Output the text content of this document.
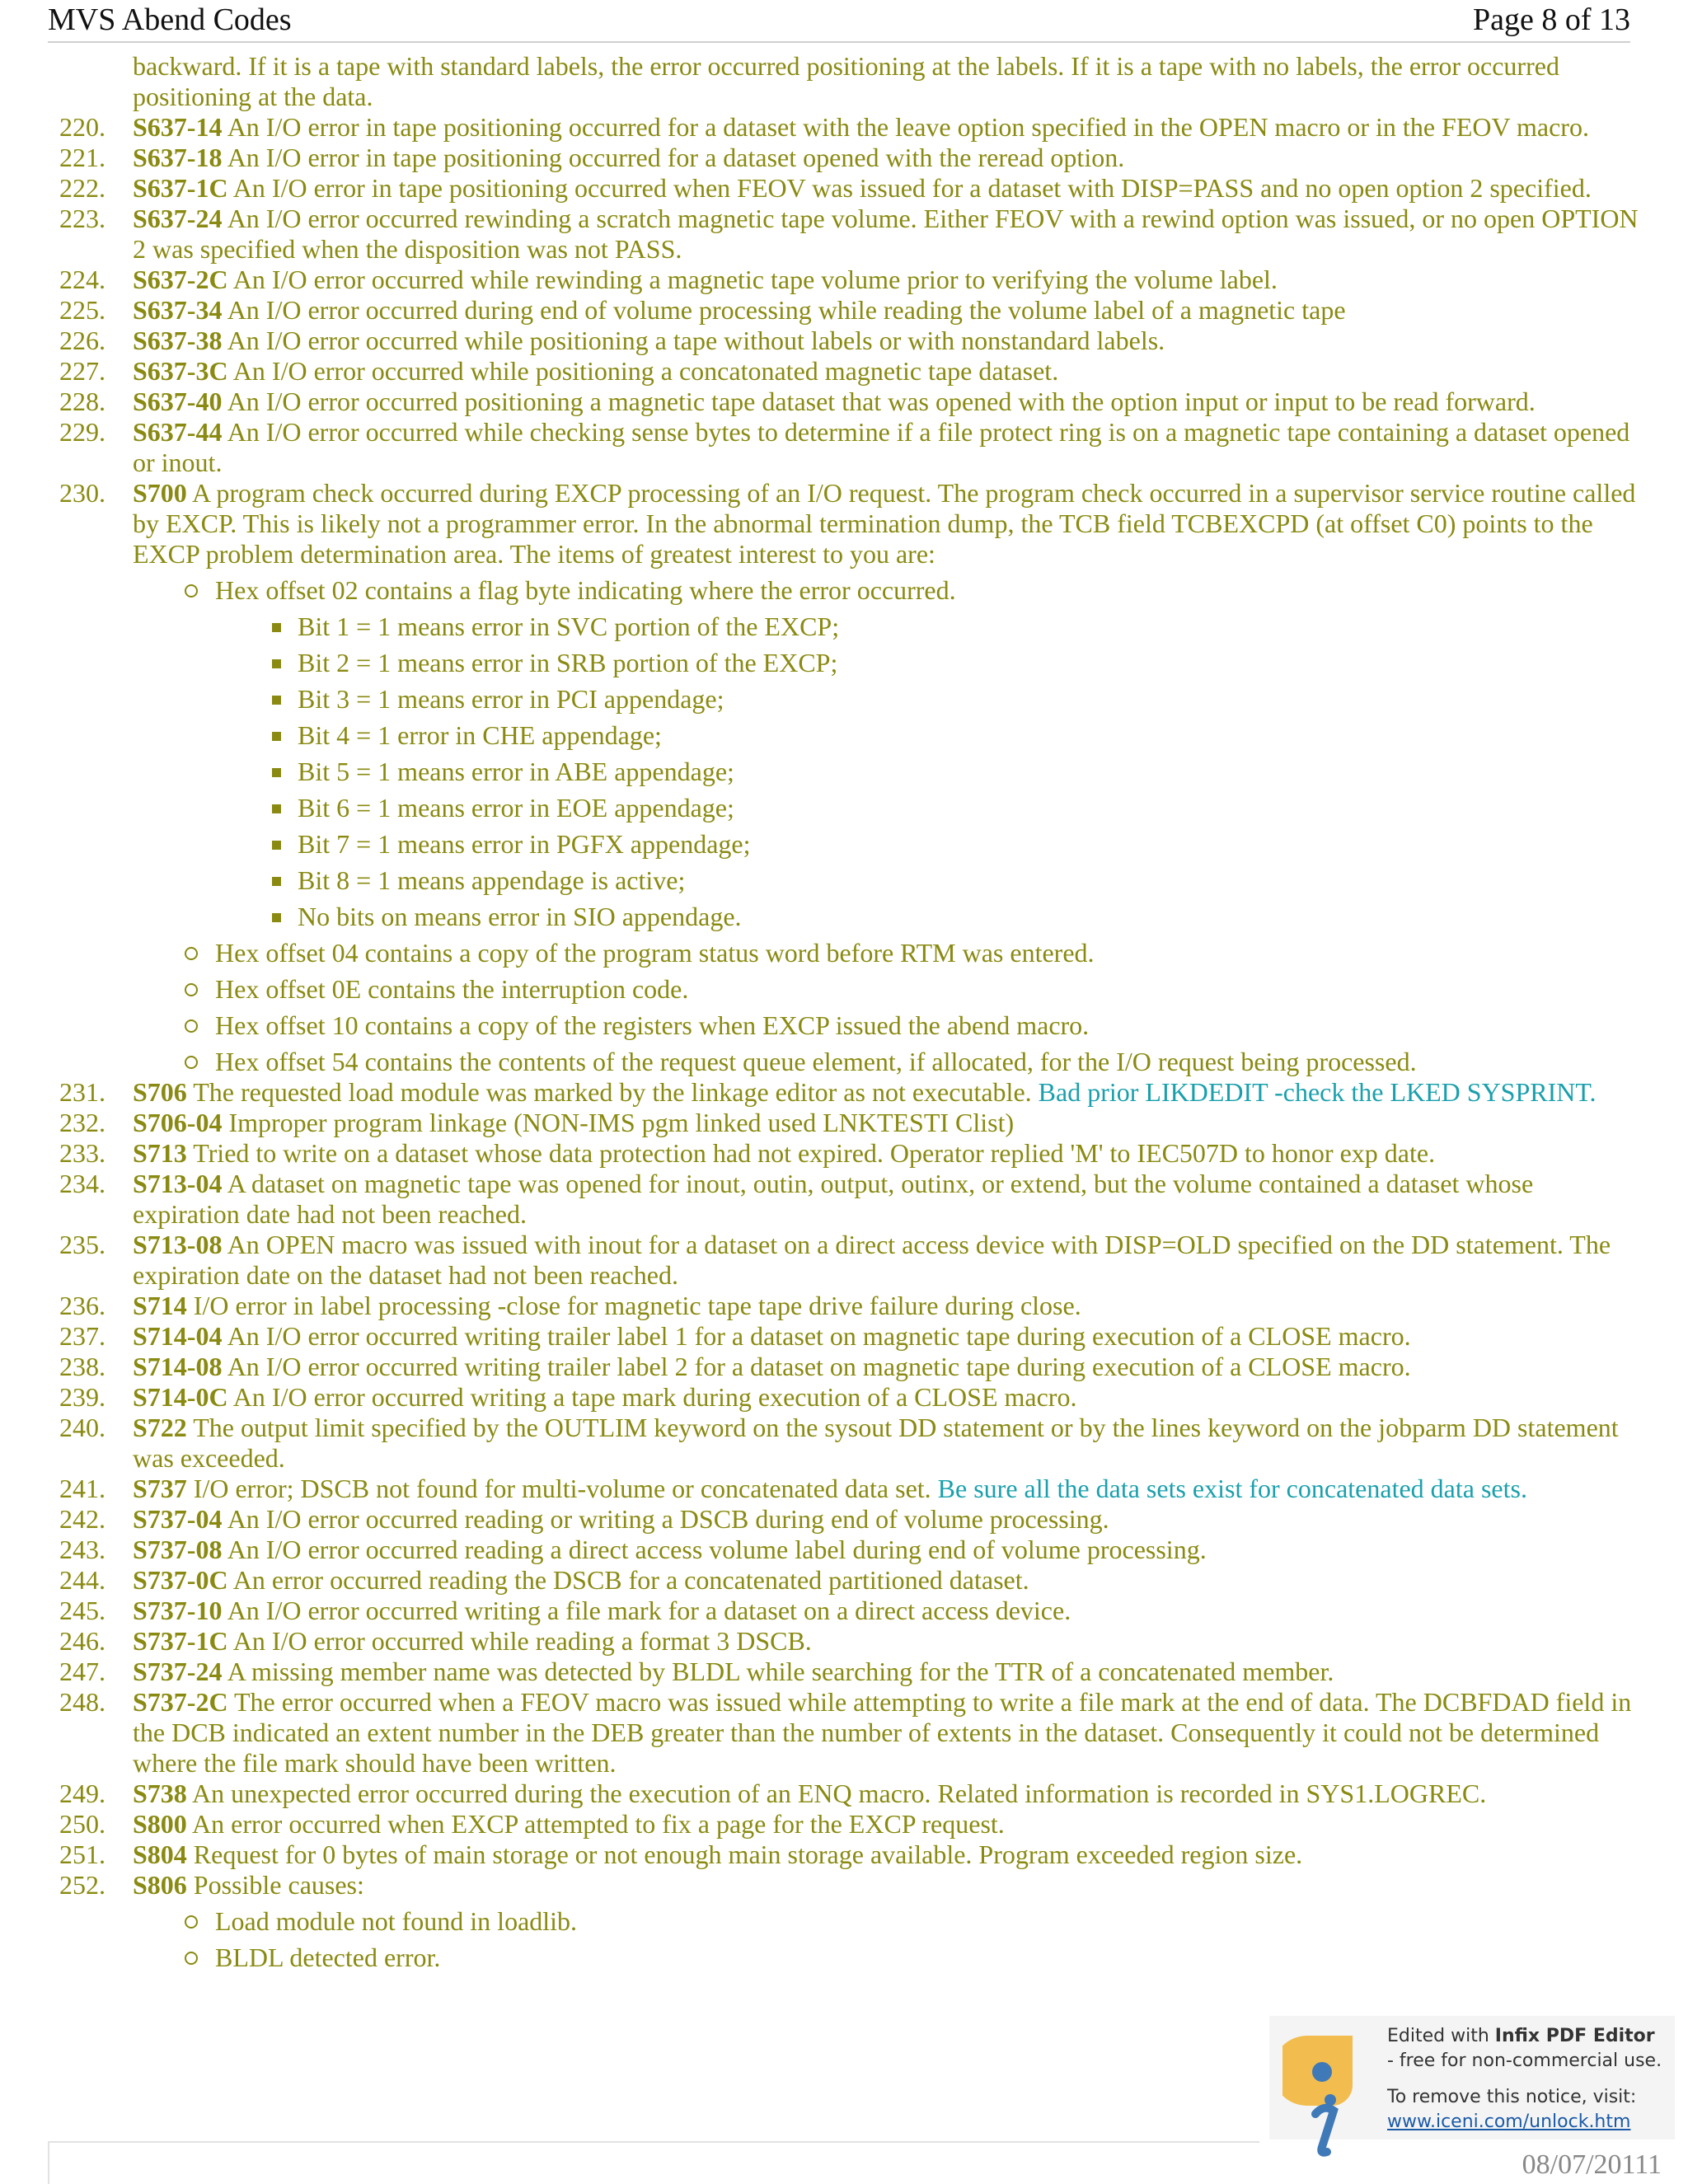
MVS Abend Codes	Page 8 of 13
backward. If it is a tape with standard labels, the error occurred positioning at the labels. If it is a tape with no labels, the error occurred positioning at the data.
220. S637-14 An I/O error in tape positioning occurred for a dataset with the leave option specified in the OPEN macro or in the FEOV macro.
221. S637-18 An I/O error in tape positioning occurred for a dataset opened with the reread option.
222. S637-1C An I/O error in tape positioning occurred when FEOV was issued for a dataset with DISP=PASS and no open option 2 specified.
223. S637-24 An I/O error occurred rewinding a scratch magnetic tape volume. Either FEOV with a rewind option was issued, or no open OPTION 2 was specified when the disposition was not PASS.
224. S637-2C An I/O error occurred while rewinding a magnetic tape volume prior to verifying the volume label.
225. S637-34 An I/O error occurred during end of volume processing while reading the volume label of a magnetic tape
226. S637-38 An I/O error occurred while positioning a tape without labels or with nonstandard labels.
227. S637-3C An I/O error occurred while positioning a concatonated magnetic tape dataset.
228. S637-40 An I/O error occurred positioning a magnetic tape dataset that was opened with the option input or input to be read forward.
229. S637-44 An I/O error occurred while checking sense bytes to determine if a file protect ring is on a magnetic tape containing a dataset opened or inout.
230. S700 A program check occurred during EXCP processing of an I/O request. The program check occurred in a supervisor service routine called by EXCP. This is likely not a programmer error. In the abnormal termination dump, the TCB field TCBEXCPD (at offset C0) points to the EXCP problem determination area. The items of greatest interest to you are:
Hex offset 02 contains a flag byte indicating where the error occurred.
Bit 1 = 1 means error in SVC portion of the EXCP;
Bit 2 = 1 means error in SRB portion of the EXCP;
Bit 3 = 1 means error in PCI appendage;
Bit 4 = 1 error in CHE appendage;
Bit 5 = 1 means error in ABE appendage;
Bit 6 = 1 means error in EOE appendage;
Bit 7 = 1 means error in PGFX appendage;
Bit 8 = 1 means appendage is active;
No bits on means error in SIO appendage.
Hex offset 04 contains a copy of the program status word before RTM was entered.
Hex offset 0E contains the interruption code.
Hex offset 10 contains a copy of the registers when EXCP issued the abend macro.
Hex offset 54 contains the contents of the request queue element, if allocated, for the I/O request being processed.
231. S706 The requested load module was marked by the linkage editor as not executable. Bad prior LIKDEDIT -check the LKED SYSPRINT.
232. S706-04 Improper program linkage (NON-IMS pgm linked used LNKTESTI Clist)
233. S713 Tried to write on a dataset whose data protection had not expired. Operator replied 'M' to IEC507D to honor exp date.
234. S713-04 A dataset on magnetic tape was opened for inout, outin, output, outinx, or extend, but the volume contained a dataset whose expiration date had not been reached.
235. S713-08 An OPEN macro was issued with inout for a dataset on a direct access device with DISP=OLD specified on the DD statement. The expiration date on the dataset had not been reached.
236. S714 I/O error in label processing -close for magnetic tape tape drive failure during close.
237. S714-04 An I/O error occurred writing trailer label 1 for a dataset on magnetic tape during execution of a CLOSE macro.
238. S714-08 An I/O error occurred writing trailer label 2 for a dataset on magnetic tape during execution of a CLOSE macro.
239. S714-0C An I/O error occurred writing a tape mark during execution of a CLOSE macro.
240. S722 The output limit specified by the OUTLIM keyword on the sysout DD statement or by the lines keyword on the jobparm DD statement was exceeded.
241. S737 I/O error; DSCB not found for multi-volume or concatenated data set. Be sure all the data sets exist for concatenated data sets.
242. S737-04 An I/O error occurred reading or writing a DSCB during end of volume processing.
243. S737-08 An I/O error occurred reading a direct access volume label during end of volume processing.
244. S737-0C An error occurred reading the DSCB for a concatenated partitioned dataset.
245. S737-10 An I/O error occurred writing a file mark for a dataset on a direct access device.
246. S737-1C An I/O error occurred while reading a format 3 DSCB.
247. S737-24 A missing member name was detected by BLDL while searching for the TTR of a concatenated member.
248. S737-2C The error occurred when a FEOV macro was issued while attempting to write a file mark at the end of data. The DCBFDAD field in the DCB indicated an extent number in the DEB greater than the number of extents in the dataset. Consequently it could not be determined where the file mark should have been written.
249. S738 An unexpected error occurred during the execution of an ENQ macro. Related information is recorded in SYS1.LOGREC.
250. S800 An error occurred when EXCP attempted to fix a page for the EXCP request.
251. S804 Request for 0 bytes of main storage or not enough main storage available. Program exceeded region size.
252. S806 Possible causes:
Load module not found in loadlib.
BLDL detected error.
Edited with Infix PDF Editor
- free for non-commercial use.
To remove this notice, visit:
www.iceni.com/unlock.htm
08/07/20111
